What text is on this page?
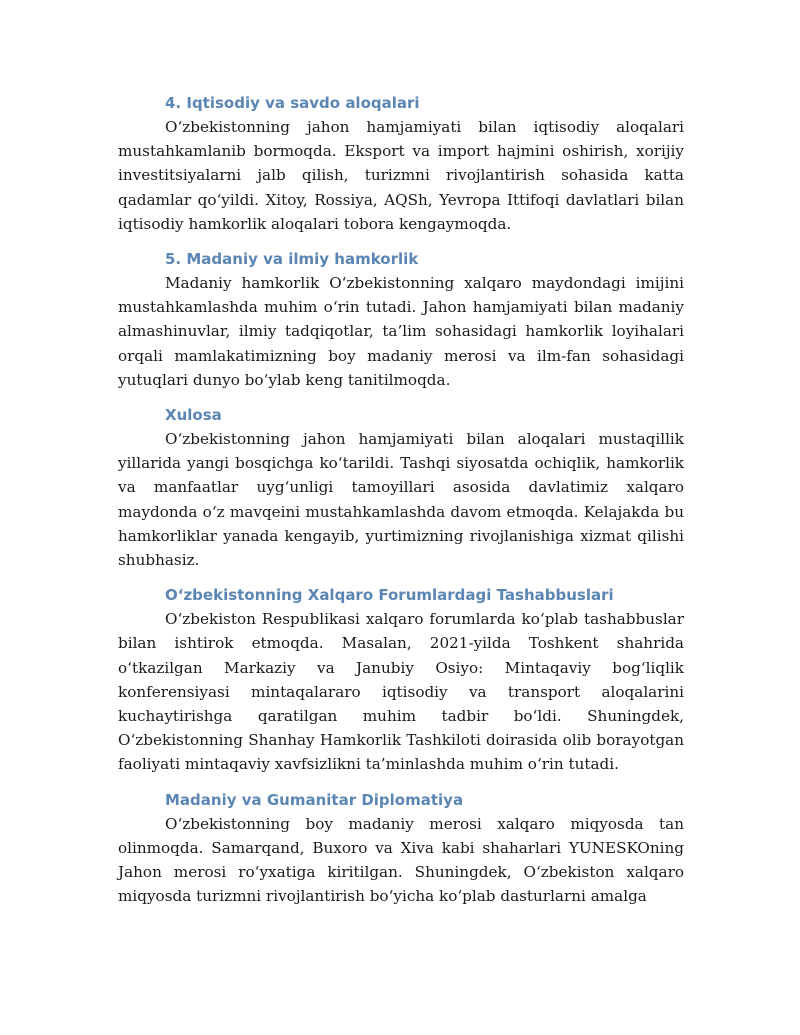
4. Iqtisodiy va savdo aloqalari

O‘zbekistonning jahon hamjamiyati bilan iqtisodiy aloqalari mustahkamlanib bormoqda. Eksport va import hajmini oshirish, xorijiy investitsiyalarni jalb qilish, turizmni rivojlantirish sohasida katta qadamlar qo‘yildi. Xitoy, Rossiya, AQSh, Yevropa Ittifoqi davlatlari bilan iqtisodiy hamkorlik aloqalari tobora kengaymoqda.

5. Madaniy va ilmiy hamkorlik

Madaniy hamkorlik O‘zbekistonning xalqaro maydondagi imijini mustahkamlashda muhim o‘rin tutadi. Jahon hamjamiyati bilan madaniy almashinuvlar, ilmiy tadqiqotlar, ta’lim sohasidagi hamkorlik loyihalari orqali mamlakatimizning boy madaniy merosi va ilm-fan sohasidagi yutuqlari dunyo bo‘ylab keng tanitilmoqda.

Xulosa

O‘zbekistonning jahon hamjamiyati bilan aloqalari mustaqillik yillarida yangi bosqichga ko‘tarildi. Tashqi siyosatda ochiqlik, hamkorlik va manfaatlar uyg‘unligi tamoyillari asosida davlatimiz xalqaro maydonda o‘z mavqeini mustahkamlashda davom etmoqda. Kelajakda bu hamkorliklar yanada kengayib, yurtimizning rivojlanishiga xizmat qilishi shubhasiz.

O‘zbekistonning Xalqaro Forumlardagi Tashabbuslari

O‘zbekiston Respublikasi xalqaro forumlarda ko‘plab tashabbuslar bilan ishtirok etmoqda. Masalan, 2021-yilda Toshkent shahrida o‘tkazilgan Markaziy va Janubiy Osiyo: Mintaqaviy bog‘liqlik konferensiyasi mintaqalararo iqtisodiy va transport aloqalarini kuchaytirishga qaratilgan muhim tadbir bo‘ldi. Shuningdek, O‘zbekistonning Shanhay Hamkorlik Tashkiloti doirasida olib borayotgan faoliyati mintaqaviy xavfsizlikni ta’minlashda muhim o‘rin tutadi.

Madaniy va Gumanitar Diplomatiya

O‘zbekistonning boy madaniy merosi xalqaro miqyosda tan olinmoqda. Samarqand, Buxoro va Xiva kabi shaharlari YUNESKOning Jahon merosi ro‘yxatiga kiritilgan. Shuningdek, O‘zbekiston xalqaro miqyosda turizmni rivojlantirish bo‘yicha ko‘plab dasturlarni amalga
